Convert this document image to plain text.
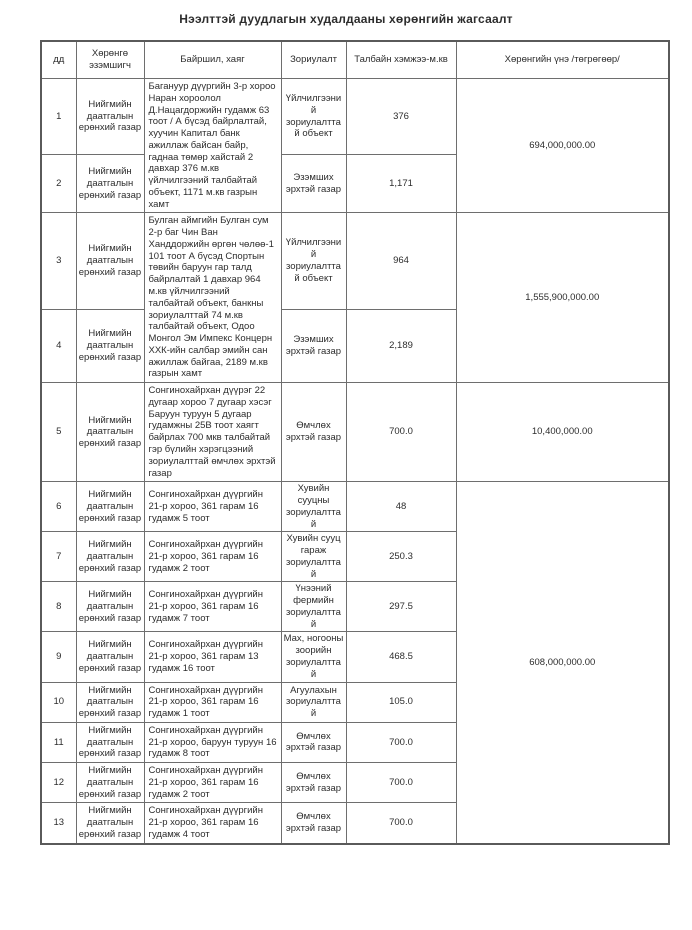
Нээлттэй дуудлагын худалдааны хөрөнгийн жагсаалт
дд	Хөрөнгө эзэмшигч	Байршил, хаяг	Зориулалт	Талбайн хэмжээ-м.кв	Хөрөнгийн үнэ /төгрөгөөр/
1	Нийгмийн даатгалын ерөнхий газар	Багануур дүүргийн 3-р хороо Наран хороолол Д.Нацагдоржийн гудамж 63 тоот / А бүсэд байрлалтай, хуучин Капитал банк ажиллаж байсан байр, гаднаа төмөр хайстай 2 давхар 376 м.кв үйлчилгээний талбайтай объект, 1171 м.кв газрын хамт	Үйлчилгээний зориулалттай объект	376	694,000,000.00
2	Нийгмийн даатгалын ерөнхий газар		Эзэмших эрхтэй газар	1,171	
3	Нийгмийн даатгалын ерөнхий газар	Булган аймгийн Булган сум 2-р баг Чин Ван Ханддоржийн өргөн чөлөө-1 101 тоот А бүсэд Спортын төвийн баруун гар талд байрлалтай 1 давхар 964 м.кв үйлчилгээний талбайтай объект, банкны зориулалттай 74 м.кв талбайтай объект, Одоо Монгол Эм Импекс Концерн ХХК-ийн салбар эмийн сан ажиллаж байгаа, 2189 м.кв газрын хамт	Үйлчилгээний зориулалттай объект	964	1,555,900,000.00
4	Нийгмийн даатгалын ерөнхий газар		Эзэмших эрхтэй газар	2,189	
5	Нийгмийн даатгалын ерөнхий газар	Сонгинохайрхан дүүрэг 22 дугаар хороо 7 дугаар хэсэг Баруун туруун 5 дугаар гудамжны 25В тоот хаягт байрлах 700 мкв талбайтай гэр бүлийн хэрэгцээний зориулалттай өмчлөх эрхтэй газар	Өмчлөх эрхтэй газар	700.0	10,400,000.00
6	Нийгмийн даатгалын ерөнхий газар	Сонгинохайрхан дүүргийн 21-р хороо, 361 гарам 16 гудамж 5 тоот	Хувийн сууцны зориулалттай	48	608,000,000.00
7	Нийгмийн даатгалын ерөнхий газар	Сонгинохайрхан дүүргийн 21-р хороо, 361 гарам 16 гудамж 2 тоот	Хувийн сууц гараж зориулалттай	250.3	
8	Нийгмийн даатгалын ерөнхий газар	Сонгинохайрхан дүүргийн 21-р хороо, 361 гарам 16 гудамж 7 тоот	Үнээний фермийн зориулалттай	297.5	
9	Нийгмийн даатгалын ерөнхий газар	Сонгинохайрхан дүүргийн 21-р хороо, 361 гарам 13 гудамж 16 тоот	Мах, ногооны зоорийн зориулалттай	468.5	
10	Нийгмийн даатгалын ерөнхий газар	Сонгинохайрхан дүүргийн 21-р хороо, 361 гарам 16 гудамж 1 тоот	Агуулахын зориулалттай	105.0	
11	Нийгмийн даатгалын ерөнхий газар	Сонгинохайрхан дүүргийн 21-р хороо, баруун туруун 16 гудамж 8 тоот	Өмчлөх эрхтэй газар	700.0	
12	Нийгмийн даатгалын ерөнхий газар	Сонгинохайрхан дүүргийн 21-р хороо, 361 гарам 16 гудамж 2 тоот	Өмчлөх эрхтэй газар	700.0	
13	Нийгмийн даатгалын ерөнхий газар	Сонгинохайрхан дүүргийн 21-р хороо, 361 гарам 16 гудамж 4 тоот	Өмчлөх эрхтэй газар	700.0	
